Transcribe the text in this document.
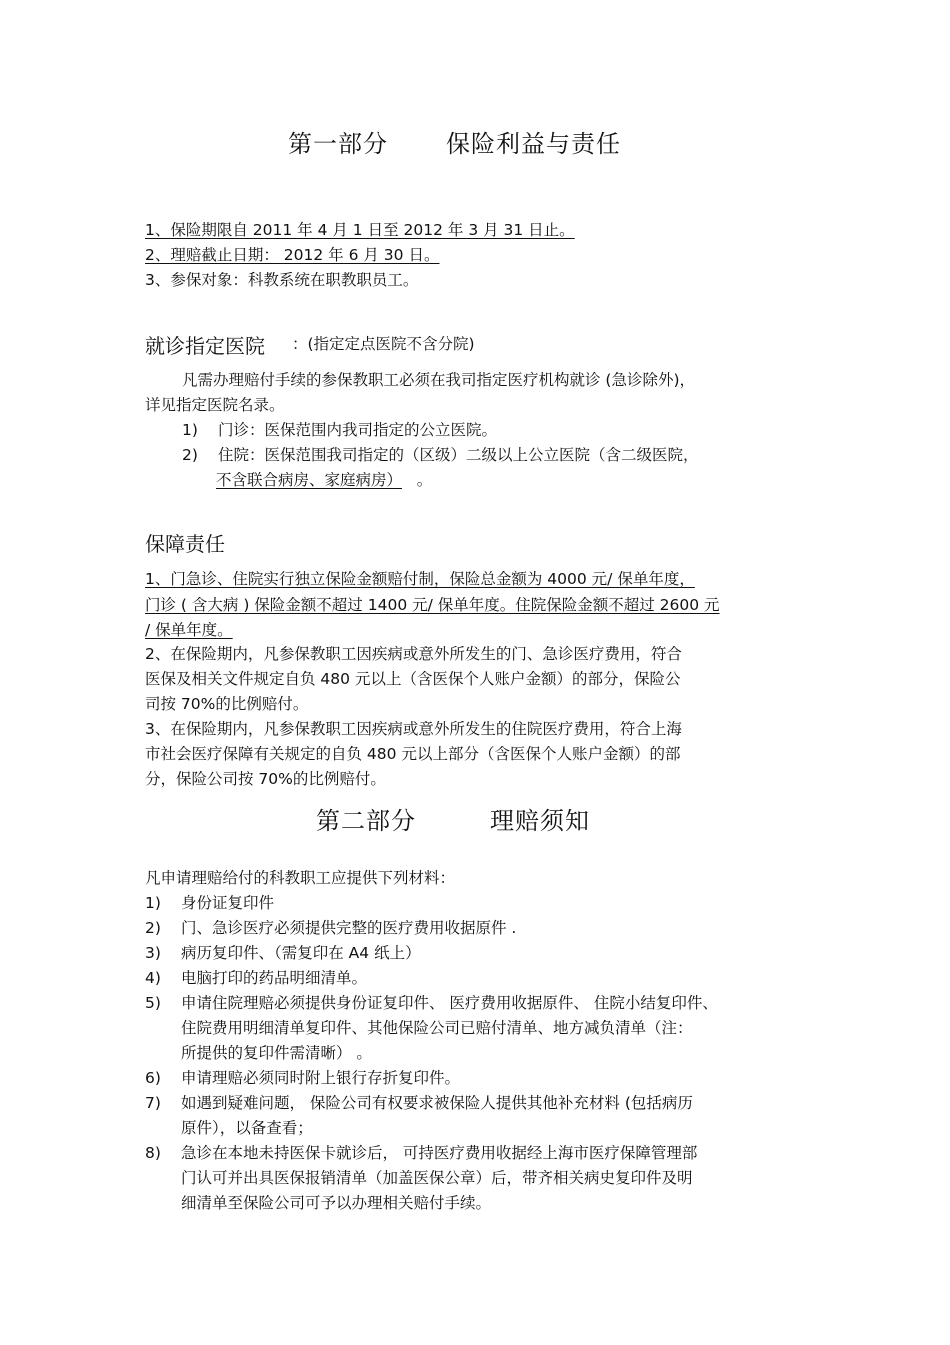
第一部分 保险利益与责任
1、保险期限自 2011 年 4 月 1 日至 2012 年 3 月 31 日止。
2、理赔截止日期： 2012 年 6 月 30 日。
3、参保对象：科教系统在职教职员工。
就诊指定医院 ：(指定定点医院不含分院)
凡需办理赔付手续的参保教职工必须在我司指定医疗机构就诊 (急诊除外)，
详见指定医院名录。
1) 门诊：医保范围内我司指定的公立医院。
2) 住院：医保范围我司指定的（区级）二级以上公立医院（含二级医院，
不含联合病房、家庭病房） 。
保障责任
1、门急诊、住院实行独立保险金额赔付制，保险总金额为 4000 元/ 保单年度，
门诊 ( 含大病 ) 保险金额不超过 1400 元/ 保单年度。住院保险金额不超过 2600 元
/ 保单年度。
2、在保险期内，凡参保教职工因疾病或意外所发生的门、急诊医疗费用，符合
医保及相关文件规定自负 480 元以上（含医保个人账户金额）的部分，保险公
司按 70%的比例赔付。
3、在保险期内，凡参保教职工因疾病或意外所发生的住院医疗费用，符合上海
市社会医疗保障有关规定的自负 480 元以上部分（含医保个人账户金额）的部
分，保险公司按 70%的比例赔付。
第二部分	理赔须知
凡申请理赔给付的科教职工应提供下列材料：
1) 身份证复印件
2) 门、急诊医疗必须提供完整的医疗费用收据原件 .
3) 病历复印件、（需复印在 A4 纸上）
4) 电脑打印的药品明细清单。
5) 申请住院理赔必须提供身份证复印件、 医疗费用收据原件、 住院小结复印件、
住院费用明细清单复印件、其他保险公司已赔付清单、地方减负清单（注：
所提供的复印件需清晰） 。
6) 申请理赔必须同时附上银行存折复印件。
7) 如遇到疑难问题， 保险公司有权要求被保险人提供其他补充材料 (包括病历
原件），以备查看；
8) 急诊在本地未持医保卡就诊后， 可持医疗费用收据经上海市医疗保障管理部
门认可并出具医保报销清单（加盖医保公章）后，带齐相关病史复印件及明
细清单至保险公司可予以办理相关赔付手续。
